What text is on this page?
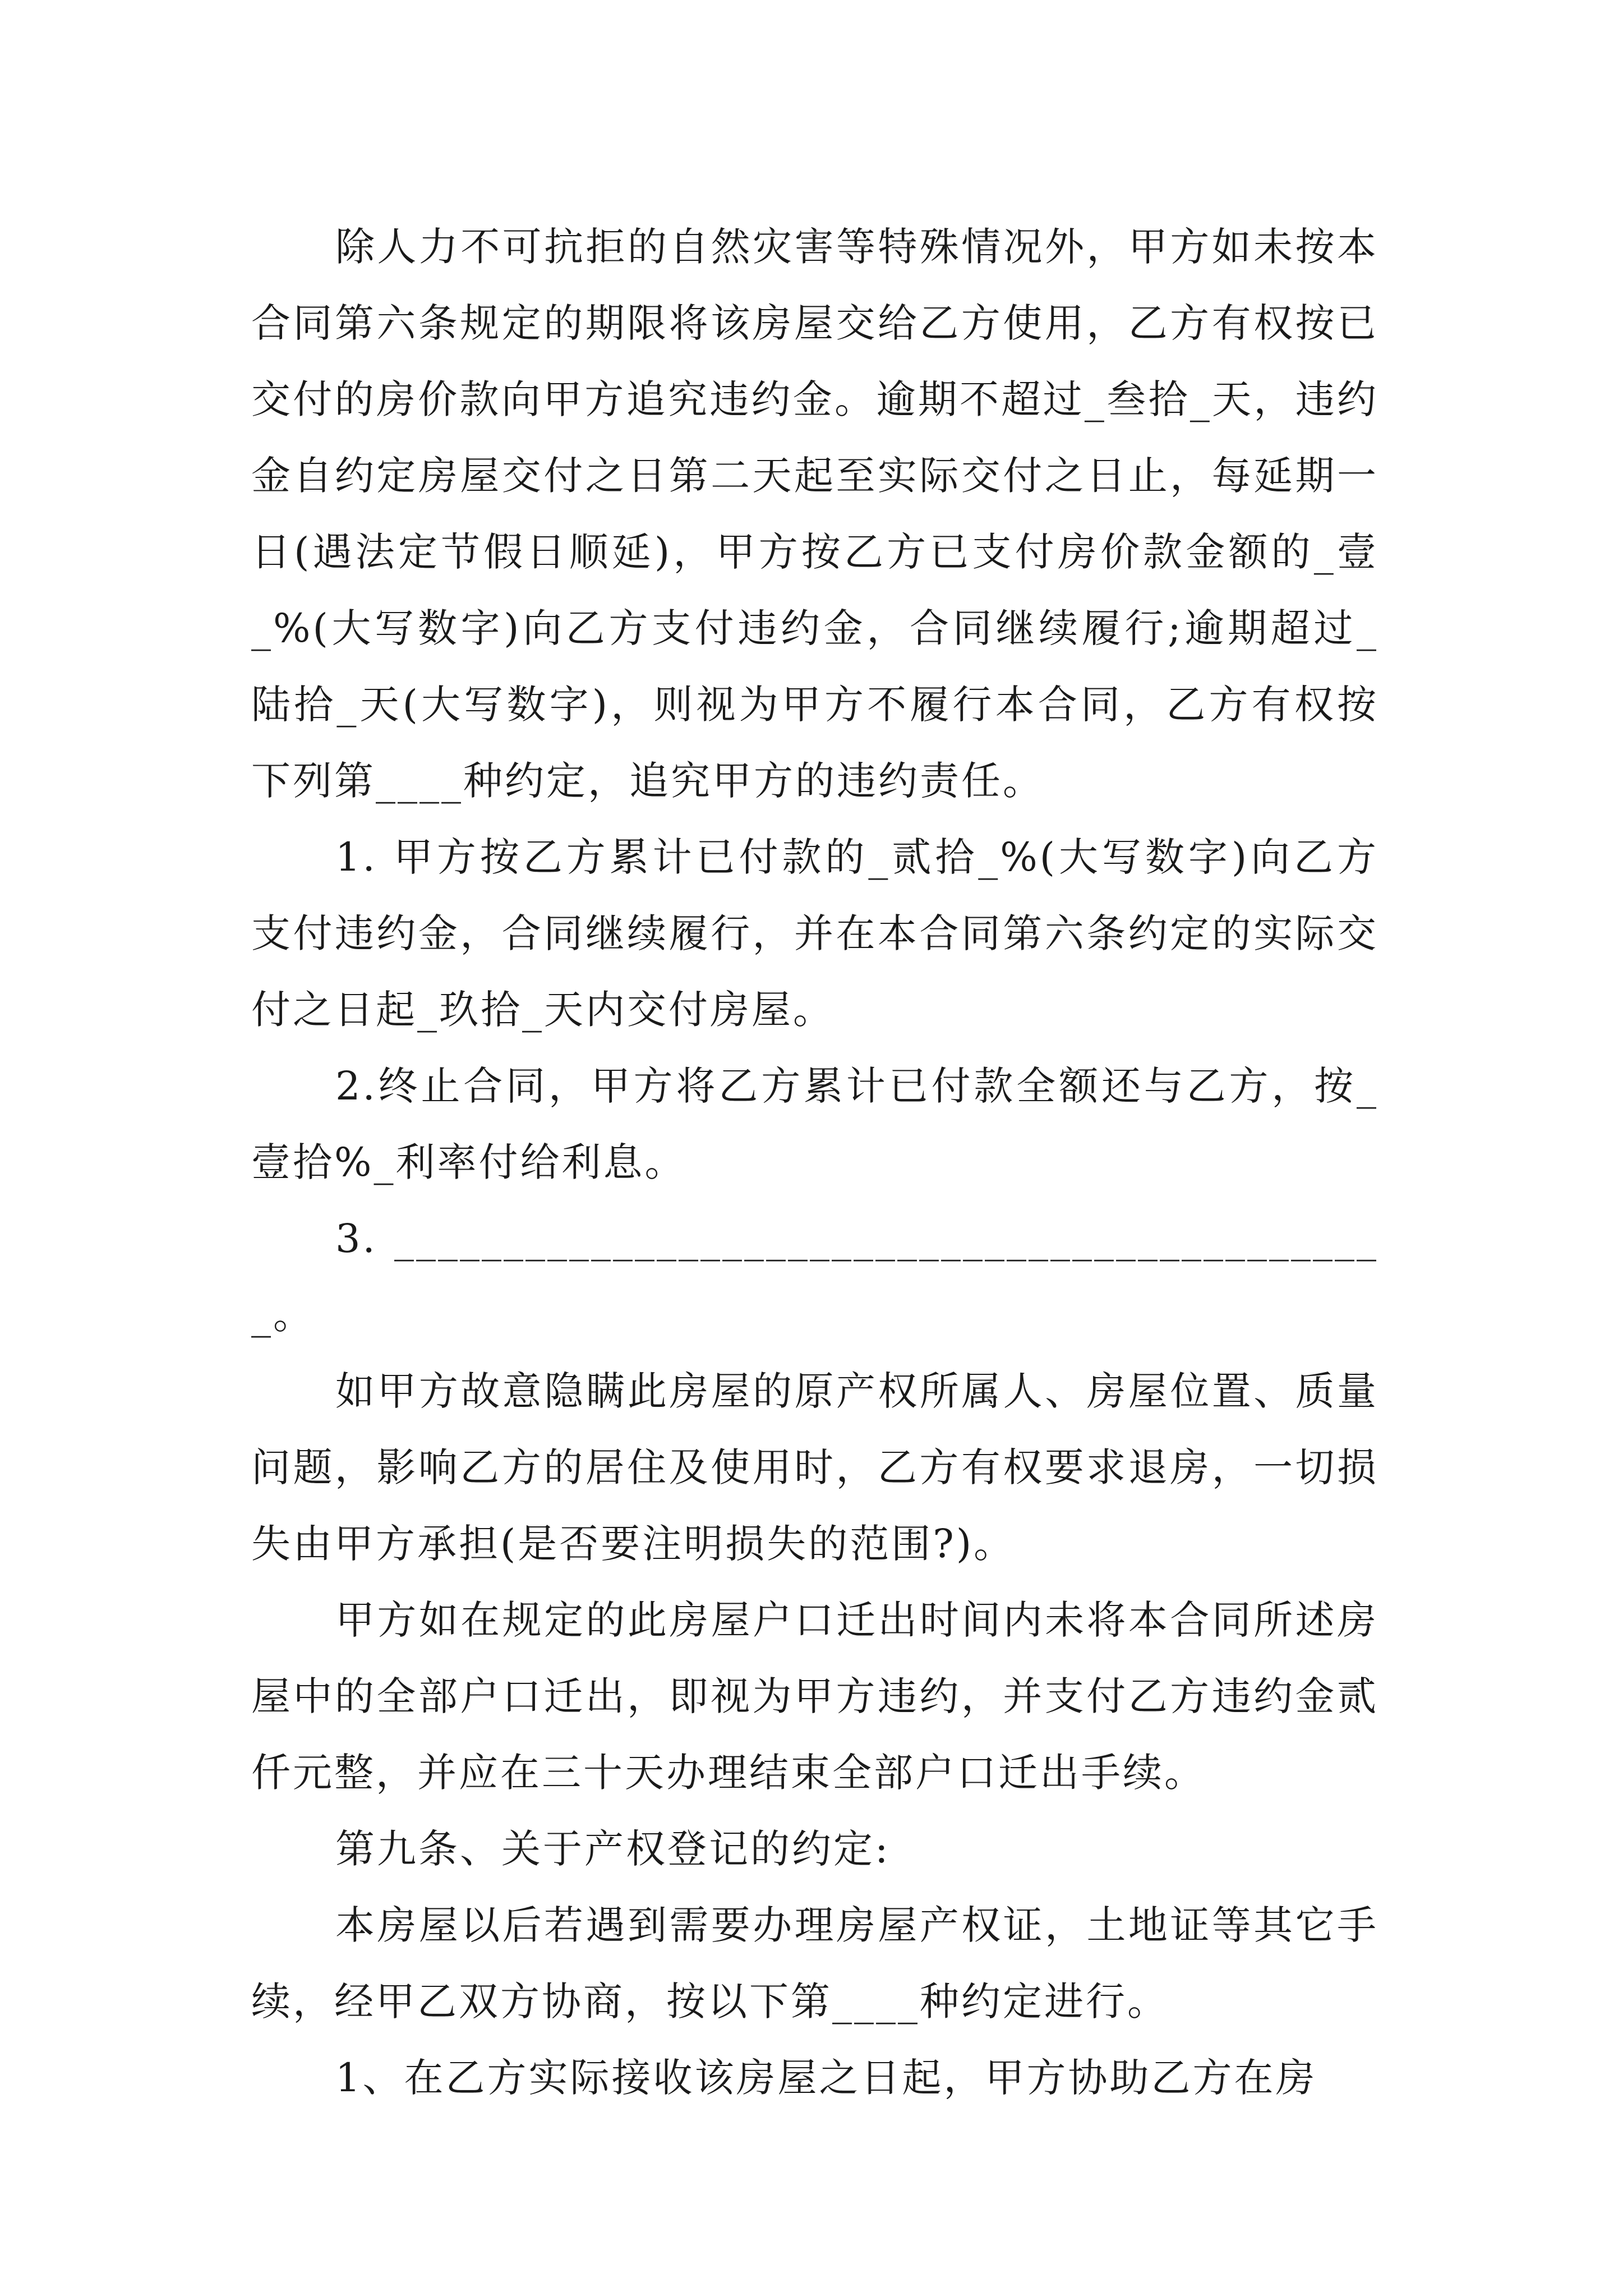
除人力不可抗拒的自然灾害等特殊情况外，甲方如未按本合同第六条规定的期限将该房屋交给乙方使用，乙方有权按已交付的房价款向甲方追究违约金。逾期不超过_叁拾_天，违约金自约定房屋交付之日第二天起至实际交付之日止，每延期一日(遇法定节假日顺延)，甲方按乙方已支付房价款金额的_壹_%(大写数字)向乙方支付违约金，合同继续履行;逾期超过_陆拾_天(大写数字)，则视为甲方不履行本合同，乙方有权按下列第____种约定，追究甲方的违约责任。

1. 甲方按乙方累计已付款的_贰拾_%(大写数字)向乙方支付违约金，合同继续履行，并在本合同第六条约定的实际交付之日起_玖拾_天内交付房屋。

2.终止合同，甲方将乙方累计已付款全额还与乙方，按_壹拾%_利率付给利息。

3. ______________________________________________。

如甲方故意隐瞒此房屋的原产权所属人、房屋位置、质量问题，影响乙方的居住及使用时，乙方有权要求退房，一切损失由甲方承担(是否要注明损失的范围?)。

甲方如在规定的此房屋户口迁出时间内未将本合同所述房屋中的全部户口迁出，即视为甲方违约，并支付乙方违约金贰仟元整，并应在三十天办理结束全部户口迁出手续。

第九条、关于产权登记的约定:

本房屋以后若遇到需要办理房屋产权证，土地证等其它手续，经甲乙双方协商，按以下第____种约定进行。

1、在乙方实际接收该房屋之日起，甲方协助乙方在房
